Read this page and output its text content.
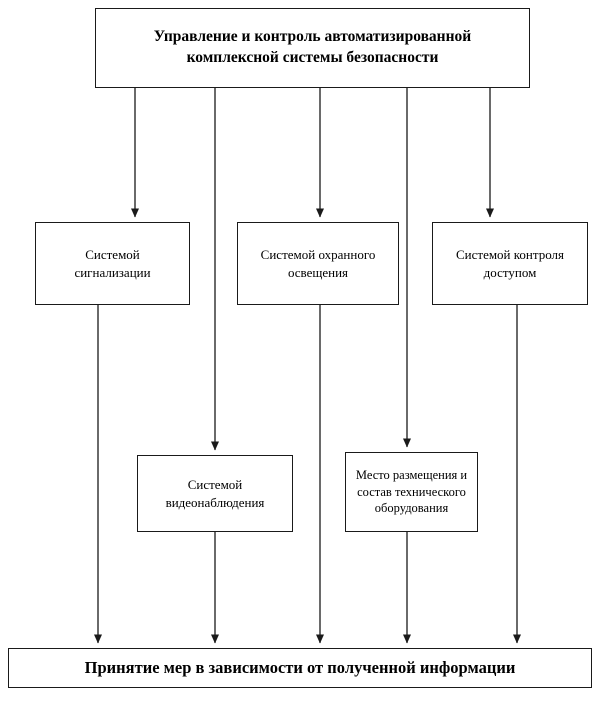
Управление и контроль автоматизированной комплексной системы безопасности
Системой сигнализации
Системой охранного освещения
Системой контроля доступом
Системой видеонаблюдения
Место размещения и состав технического оборудования
Принятие мер в зависимости от полученной информации
